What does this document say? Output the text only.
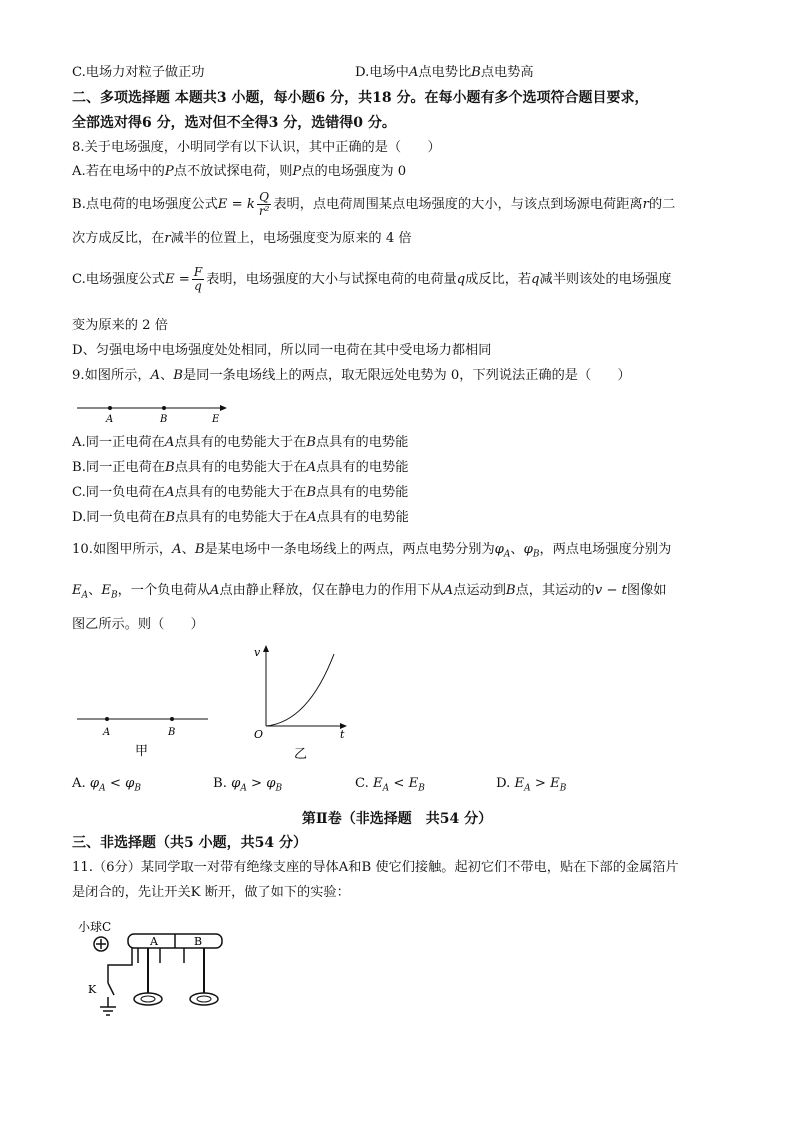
C.电场力对粒子做正功	D.电场中A点电势比B点电势高
二、多项选择题 本题共3 小题，每小题6 分，共18 分。在每小题有多个选项符合题目要求，
全部选对得6 分，选对但不全得3 分，选错得0 分。
8.关于电场强度，小明同学有以下认识，其中正确的是（　　）
A.若在电场中的P点不放试探电荷，则P点的电场强度为 0
B.点电荷的电场强度公式E = k $\frac{Q}{\text{r²}}$ 表明，点电荷周围某点电场强度的大小，与该点到场源电荷距离r的二
次方成反比，在r减半的位置上，电场强度变为原来的 4 倍
C.电场强度公式$E = \frac{F}{q}$ 表明，电场强度的大小与试探电荷的电荷量q成反比，若q减半则该处的电场强度
变为原来的 2 倍
D、匀强电场中电场强度处处相同，所以同一电荷在其中受电场力都相同
9.如图所示，A、B是同一条电场线上的两点，取无限远处电势为 0，下列说法正确的是（　　）
A	B	E
A.同一正电荷在A点具有的电势能大于在B点具有的电势能
B.同一正电荷在B点具有的电势能大于在A点具有的电势能
C.同一负电荷在A点具有的电势能大于在B点具有的电势能
D.同一负电荷在B点具有的电势能大于在A点具有的电势能
10.如图甲所示，A、B是某电场中一条电场线上的两点，两点电势分别为$\varphi_A$、$\varphi_B$，两点电场强度分别为
$E_A$、$E_B$，一个负电荷从A点由静止释放，仅在静电力的作用下从A点运动到B点，其运动的v − t图像如
图乙所示。则（　　）
A	B
甲
v
O	t
乙
A. $\varphi_A < \varphi_B$	B. $\varphi_A > \varphi_B$	C. $E_A < E_B$	D. $E_A > E_B$
第Ⅱ卷（非选择题　共54 分）
三、非选择题（共5 小题，共54 分）
11.（6分）某同学取一对带有绝缘支座的导体A和B 使它们接触。起初它们不带电，贴在下部的金属箔片
是闭合的，先让开关K 断开，做了如下的实验：
小球C
A	B
K
